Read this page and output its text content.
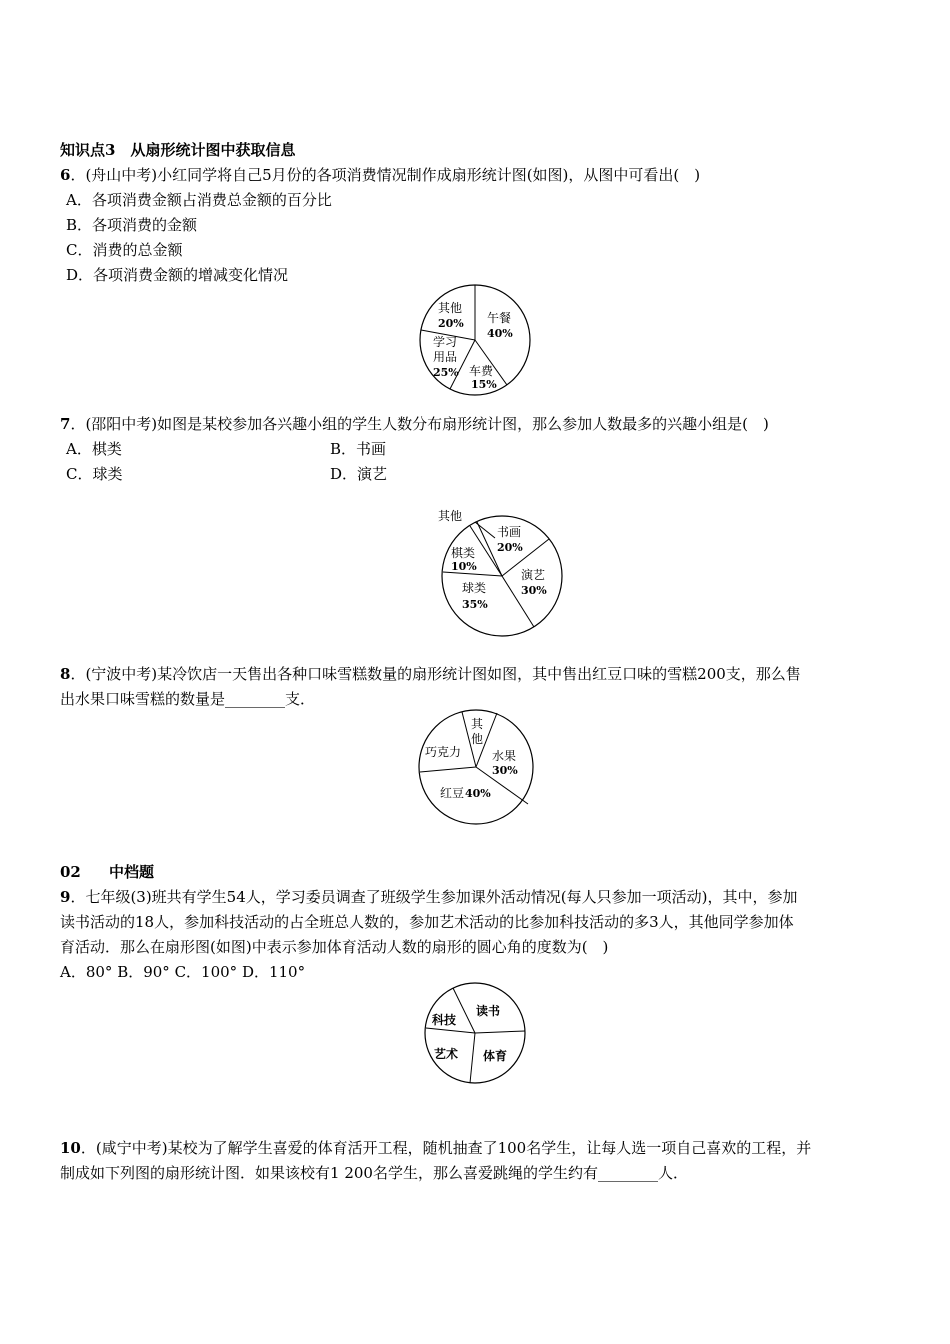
知识点3　从扇形统计图中获取信息
6．(舟山中考)小红同学将自己5月份的各项消费情况制作成扇形统计图(如图)，从图中可看出(　)
A．各项消费金额占消费总金额的百分比
B．各项消费的金额
C．消费的总金额
D．各项消费金额的增减变化情况
其他
20% 午餐
40%
学习
用品
25% 车费
15%
7．(邵阳中考)如图是某校参加各兴趣小组的学生人数分布扇形统计图，那么参加人数最多的兴趣小组是(　)
A．棋类	B．书画
C．球类	D．演艺
其他
书画
20%
棋类
10%
演艺
30%
球类
35%
8．(宁波中考)某冷饮店一天售出各种口味雪糕数量的扇形统计图如图，其中售出红豆口味的雪糕200支，那么售
出水果口味雪糕的数量是________支．
其
他
巧克力	水果
30%
红豆 40%
02 中档题
9．七年级(3)班共有学生54人，学习委员调查了班级学生参加课外活动情况(每人只参加一项活动)，其中，参加
读书活动的18人，参加科技活动的占全班总人数的，参加艺术活动的比参加科技活动的多3人，其他同学参加体
育活动．那么在扇形图(如图)中表示参加体育活动人数的扇形的圆心角的度数为(　)
A．80° B．90° C．100° D．110°
科技
读书
艺术 体育
10．(咸宁中考)某校为了解学生喜爱的体育活开工程，随机抽查了100名学生，让每人选一项自己喜欢的工程，并
制成如下列图的扇形统计图．如果该校有1 200名学生，那么喜爱跳绳的学生约有________人．
